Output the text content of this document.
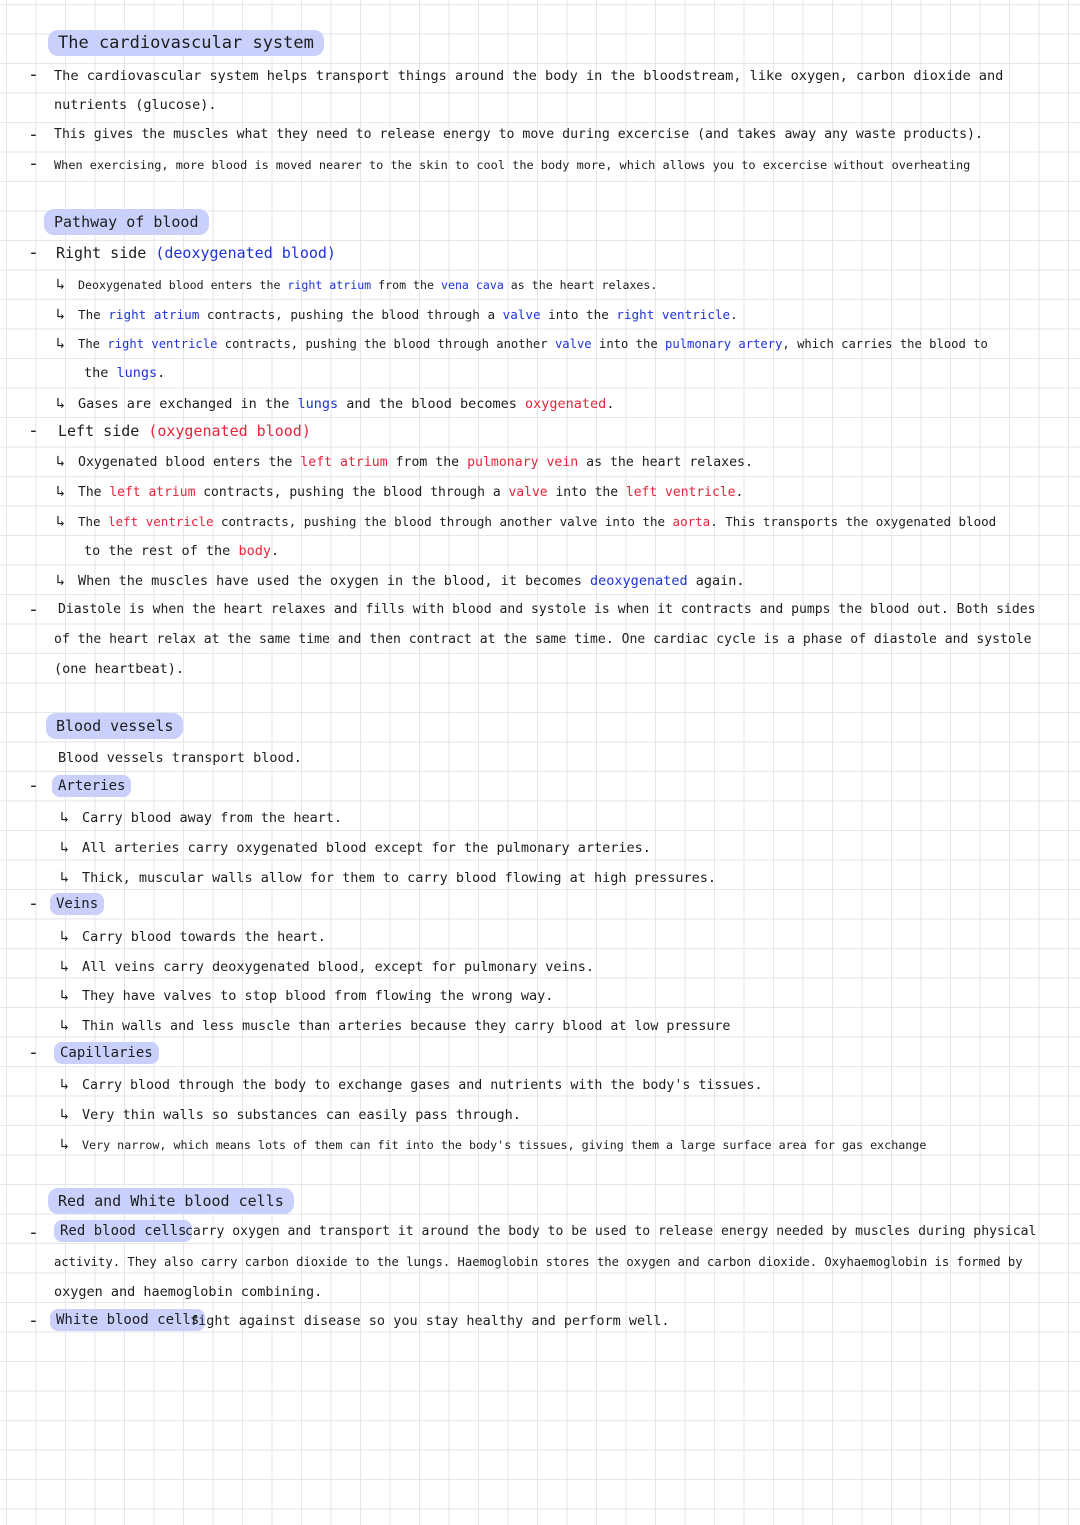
The cardiovascular system
- The cardiovascular system helps transport things around the body in the bloodstream, like oxygen, carbon dioxide and
nutrients (glucose).
- This gives the muscles what they need to release energy to move during excercise (and takes away any waste products).
- When exercising, more blood is moved nearer to the skin to cool the body more, which allows you to excercise without overheating
Pathway of blood
- Right side (deoxygenated blood)
↳ Deoxygenated blood enters the right atrium from the vena cava as the heart relaxes.
↳ The right atrium contracts, pushing the blood through a valve into the right ventricle.
↳ The right ventricle contracts, pushing the blood through another valve into the pulmonary artery, which carries the blood to
the lungs.
↳ Gases are exchanged in the lungs and the blood becomes oxygenated.
- Left side (oxygenated blood)
↳ Oxygenated blood enters the left atrium from the pulmonary vein as the heart relaxes.
↳ The left atrium contracts, pushing the blood through a valve into the left ventricle.
↳ The left ventricle contracts, pushing the blood through another valve into the aorta. This transports the oxygenated blood
to the rest of the body.
↳ When the muscles have used the oxygen in the blood, it becomes deoxygenated again.
- Diastole is when the heart relaxes and fills with blood and systole is when it contracts and pumps the blood out. Both sides
of the heart relax at the same time and then contract at the same time. One cardiac cycle is a phase of diastole and systole
(one heartbeat).
Blood vessels
Blood vessels transport blood.
-	Arteries
↳ Carry blood away from the heart.
↳ All arteries carry oxygenated blood except for the pulmonary arteries.
↳ Thick, muscular walls allow for them to carry blood flowing at high pressures.
-	Veins
↳ Carry blood towards the heart.
↳ All veins carry deoxygenated blood, except for pulmonary veins.
↳ They have valves to stop blood from flowing the wrong way.
↳ Thin walls and less muscle than arteries because they carry blood at low pressure
-	Capillaries
↳ Carry blood through the body to exchange gases and nutrients with the body's tissues.
↳ Very thin walls so substances can easily pass through.
↳ Very narrow, which means lots of them can fit into the body's tissues, giving them a large surface area for gas exchange
Red and White blood cells
-	Red blood cells
carry oxygen and transport it around the body to be used to release energy needed by muscles during physical
activity. They also carry carbon dioxide to the lungs. Haemoglobin stores the oxygen and carbon dioxide. Oxyhaemoglobin is formed by
oxygen and haemoglobin combining.
-	White blood cells
fight against disease so you stay healthy and perform well.
